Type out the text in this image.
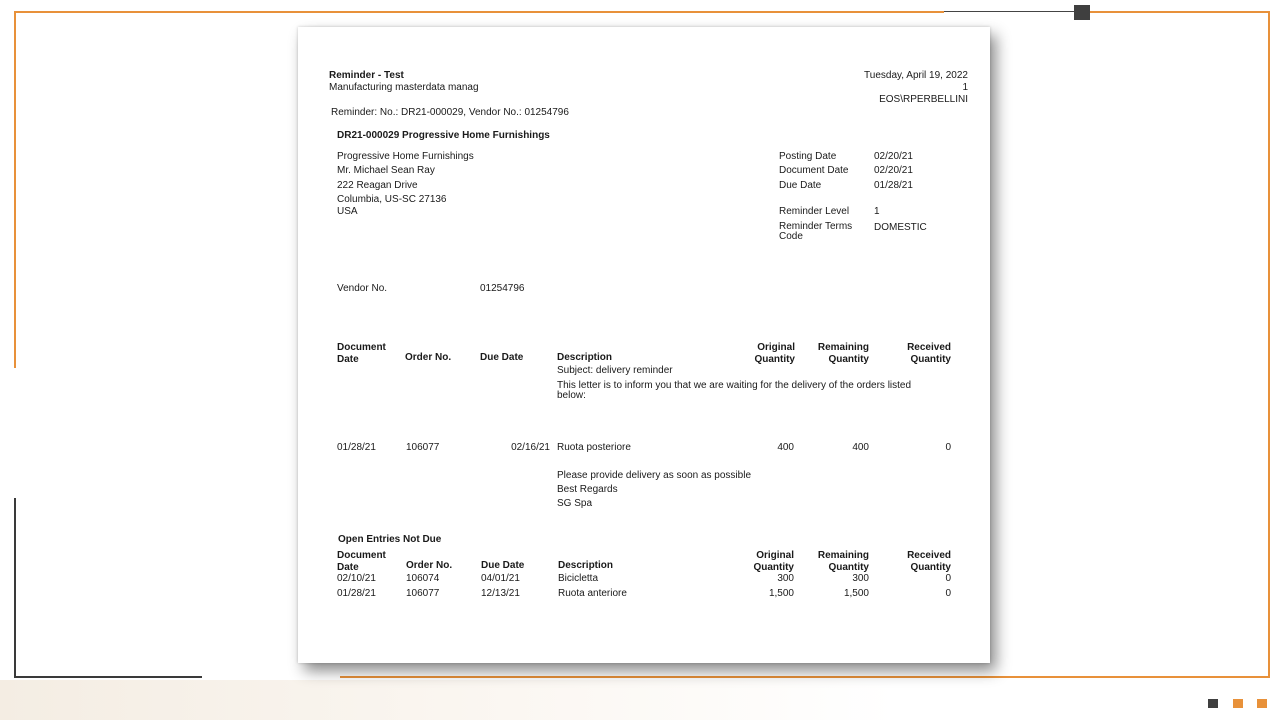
Reminder - Test
Manufacturing masterdata manag
Tuesday, April 19, 2022
1
EOS\RPERBELLINI
Reminder: No.: DR21-000029, Vendor No.: 01254796
DR21-000029 Progressive Home Furnishings
Progressive Home Furnishings
Mr. Michael Sean Ray
222 Reagan Drive
Columbia, US-SC 27136
USA
Posting Date	02/20/21
Document Date	02/20/21
Due Date	01/28/21
Reminder Level 1
Reminder Terms
Code
DOMESTIC
Vendor No.	01254796
Document
Date	Order No.	Due Date	Description
Original
Quantity
Remaining
Quantity
Received
Quantity
Subject: delivery reminder
This letter is to inform you that we are waiting for the delivery of the orders listed
below:
01/28/21	106077	02/16/21 Ruota posteriore	400	400	0
Please provide delivery as soon as possible
Best Regards
SG Spa
Open Entries Not Due
Document
Date	Order No.	Due Date	Description
Original
Quantity
Remaining
Quantity
Received
Quantity
02/10/21	106074	04/01/21	Bicicletta	300	300	0
01/28/21	106077	12/13/21	Ruota anteriore	1,500	1,500	0
